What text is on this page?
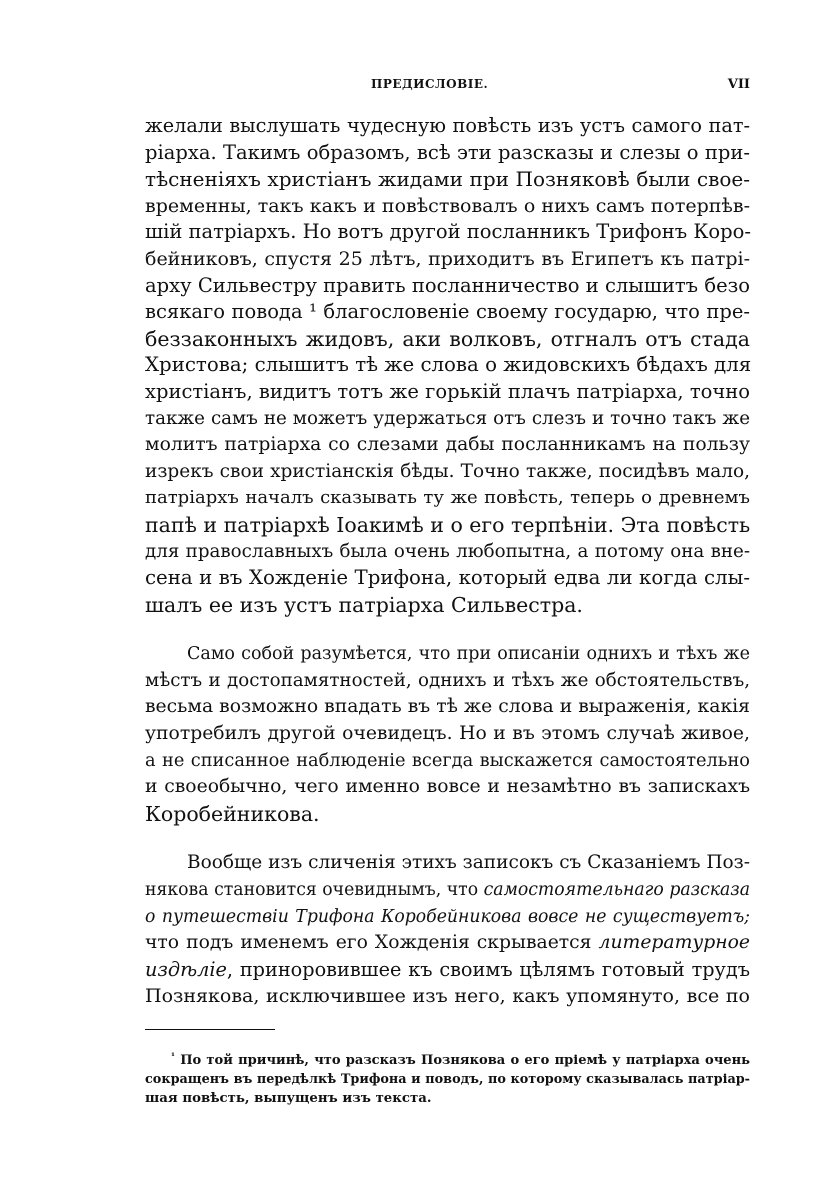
ПРЕДИСЛОВІЕ.	VII
желали выслушать чудесную повѣсть изъ устъ самого пат-
ріарха. Такимъ образомъ, всѣ эти разсказы и слезы о при-
тѣсненіяхъ христіанъ жидами при Позняковѣ были свое-
временны, такъ какъ и повѣствовалъ о нихъ самъ потерпѣв-
шій патріархъ. Но вотъ другой посланникъ Трифонъ Коро-
бейниковъ, спустя 25 лѣтъ, приходитъ въ Египетъ къ патрі-
арху Сильвестру править посланничество и слышитъ безо
всякаго повода ¹ благословеніе своему государю, что пре-
беззаконныхъ жидовъ, аки волковъ, отгналъ отъ стада
Христова; слышитъ тѣ же слова о жидовскихъ бѣдахъ для
христіанъ, видитъ тотъ же горькій плачъ патріарха, точно
также самъ не можетъ удержаться отъ слезъ и точно такъ же
молитъ патріарха со слезами дабы посланникамъ на пользу
изрекъ свои христіанскія бѣды. Точно также, посидѣвъ мало,
патріархъ началъ сказывать ту же повѣсть, теперь о древнемъ
папѣ и патріархѣ Іоакимѣ и о его терпѣніи. Эта повѣсть
для православныхъ была очень любопытна, а потому она вне-
сена и въ Хожденіе Трифона, который едва ли когда слы-
шалъ ее изъ устъ патріарха Сильвестра.
Само собой разумѣется, что при описаніи однихъ и тѣхъ же
мѣстъ и достопамятностей, однихъ и тѣхъ же обстоятельствъ,
весьма возможно впадать въ тѣ же слова и выраженія, какія
употребилъ другой очевидецъ. Но и въ этомъ случаѣ живое,
а не списанное наблюденіе всегда выскажется самостоятельно
и своеобычно, чего именно вовсе и незамѣтно въ запискахъ
Коробейникова.
Вообще изъ сличенія этихъ записокъ съ Сказаніемъ Поз-
някова становится очевиднымъ, что самостоятельнаго разсказа
о путешествіи Трифона Коробейникова вовсе не существуетъ;
что подъ именемъ его Хожденія скрывается литературное
издѣліе, приноровившее къ своимъ цѣлямъ готовый трудъ
Познякова, исключившее изъ него, какъ упомянуто, все по
$^{^1}$ По той причинѣ, что разсказъ Познякова о его пріемѣ у патріарха очень
сокращенъ въ передѣлкѣ Трифона и поводъ, по которому сказывалась патріар-
шая повѣсть, выпущенъ изъ текста.
